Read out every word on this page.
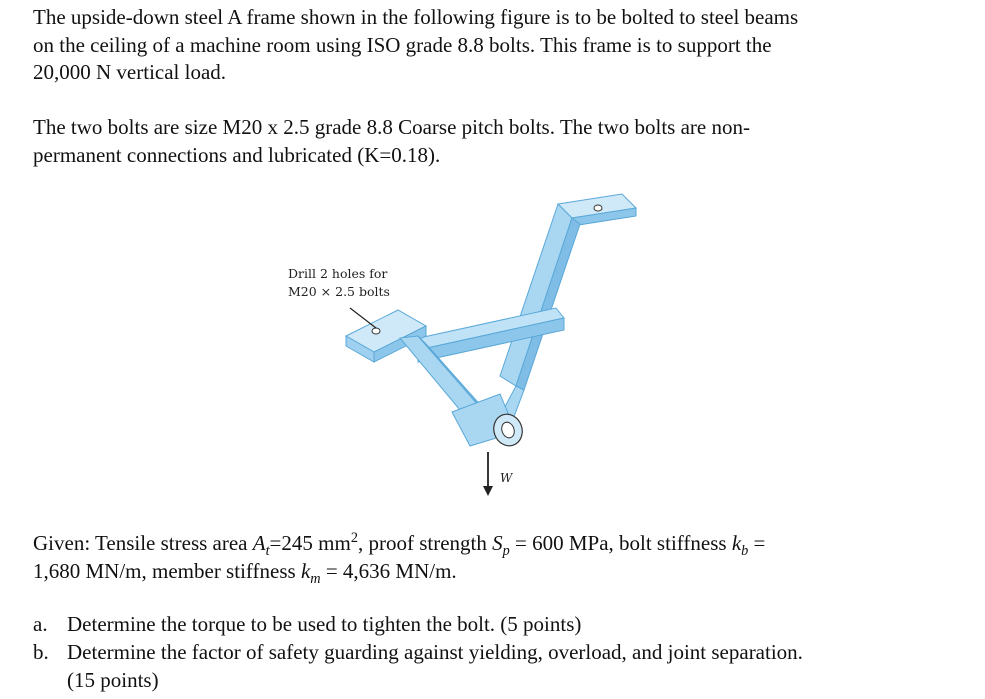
The upside-down steel A frame shown in the following figure is to be bolted to steel beams
on the ceiling of a machine room using ISO grade 8.8 bolts. This frame is to support the
20,000 N vertical load.
The two bolts are size M20 x 2.5 grade 8.8 Coarse pitch bolts. The two bolts are non-
permanent connections and lubricated (K=0.18).
Drill 2 holes for
M20 × 2.5 bolts
W
Given: Tensile stress area $A_t=245$ $mm^2$, proof strength $S_p = 600$ MPa, bolt stiffness $k_b$ =
1,680 MN/m, member stiffness $k_m = 4,636$ MN/m.
a. Determine the torque to be used to tighten the bolt. (5 points)
b. Determine the factor of safety guarding against yielding, overload, and joint separation.
(15 points)
